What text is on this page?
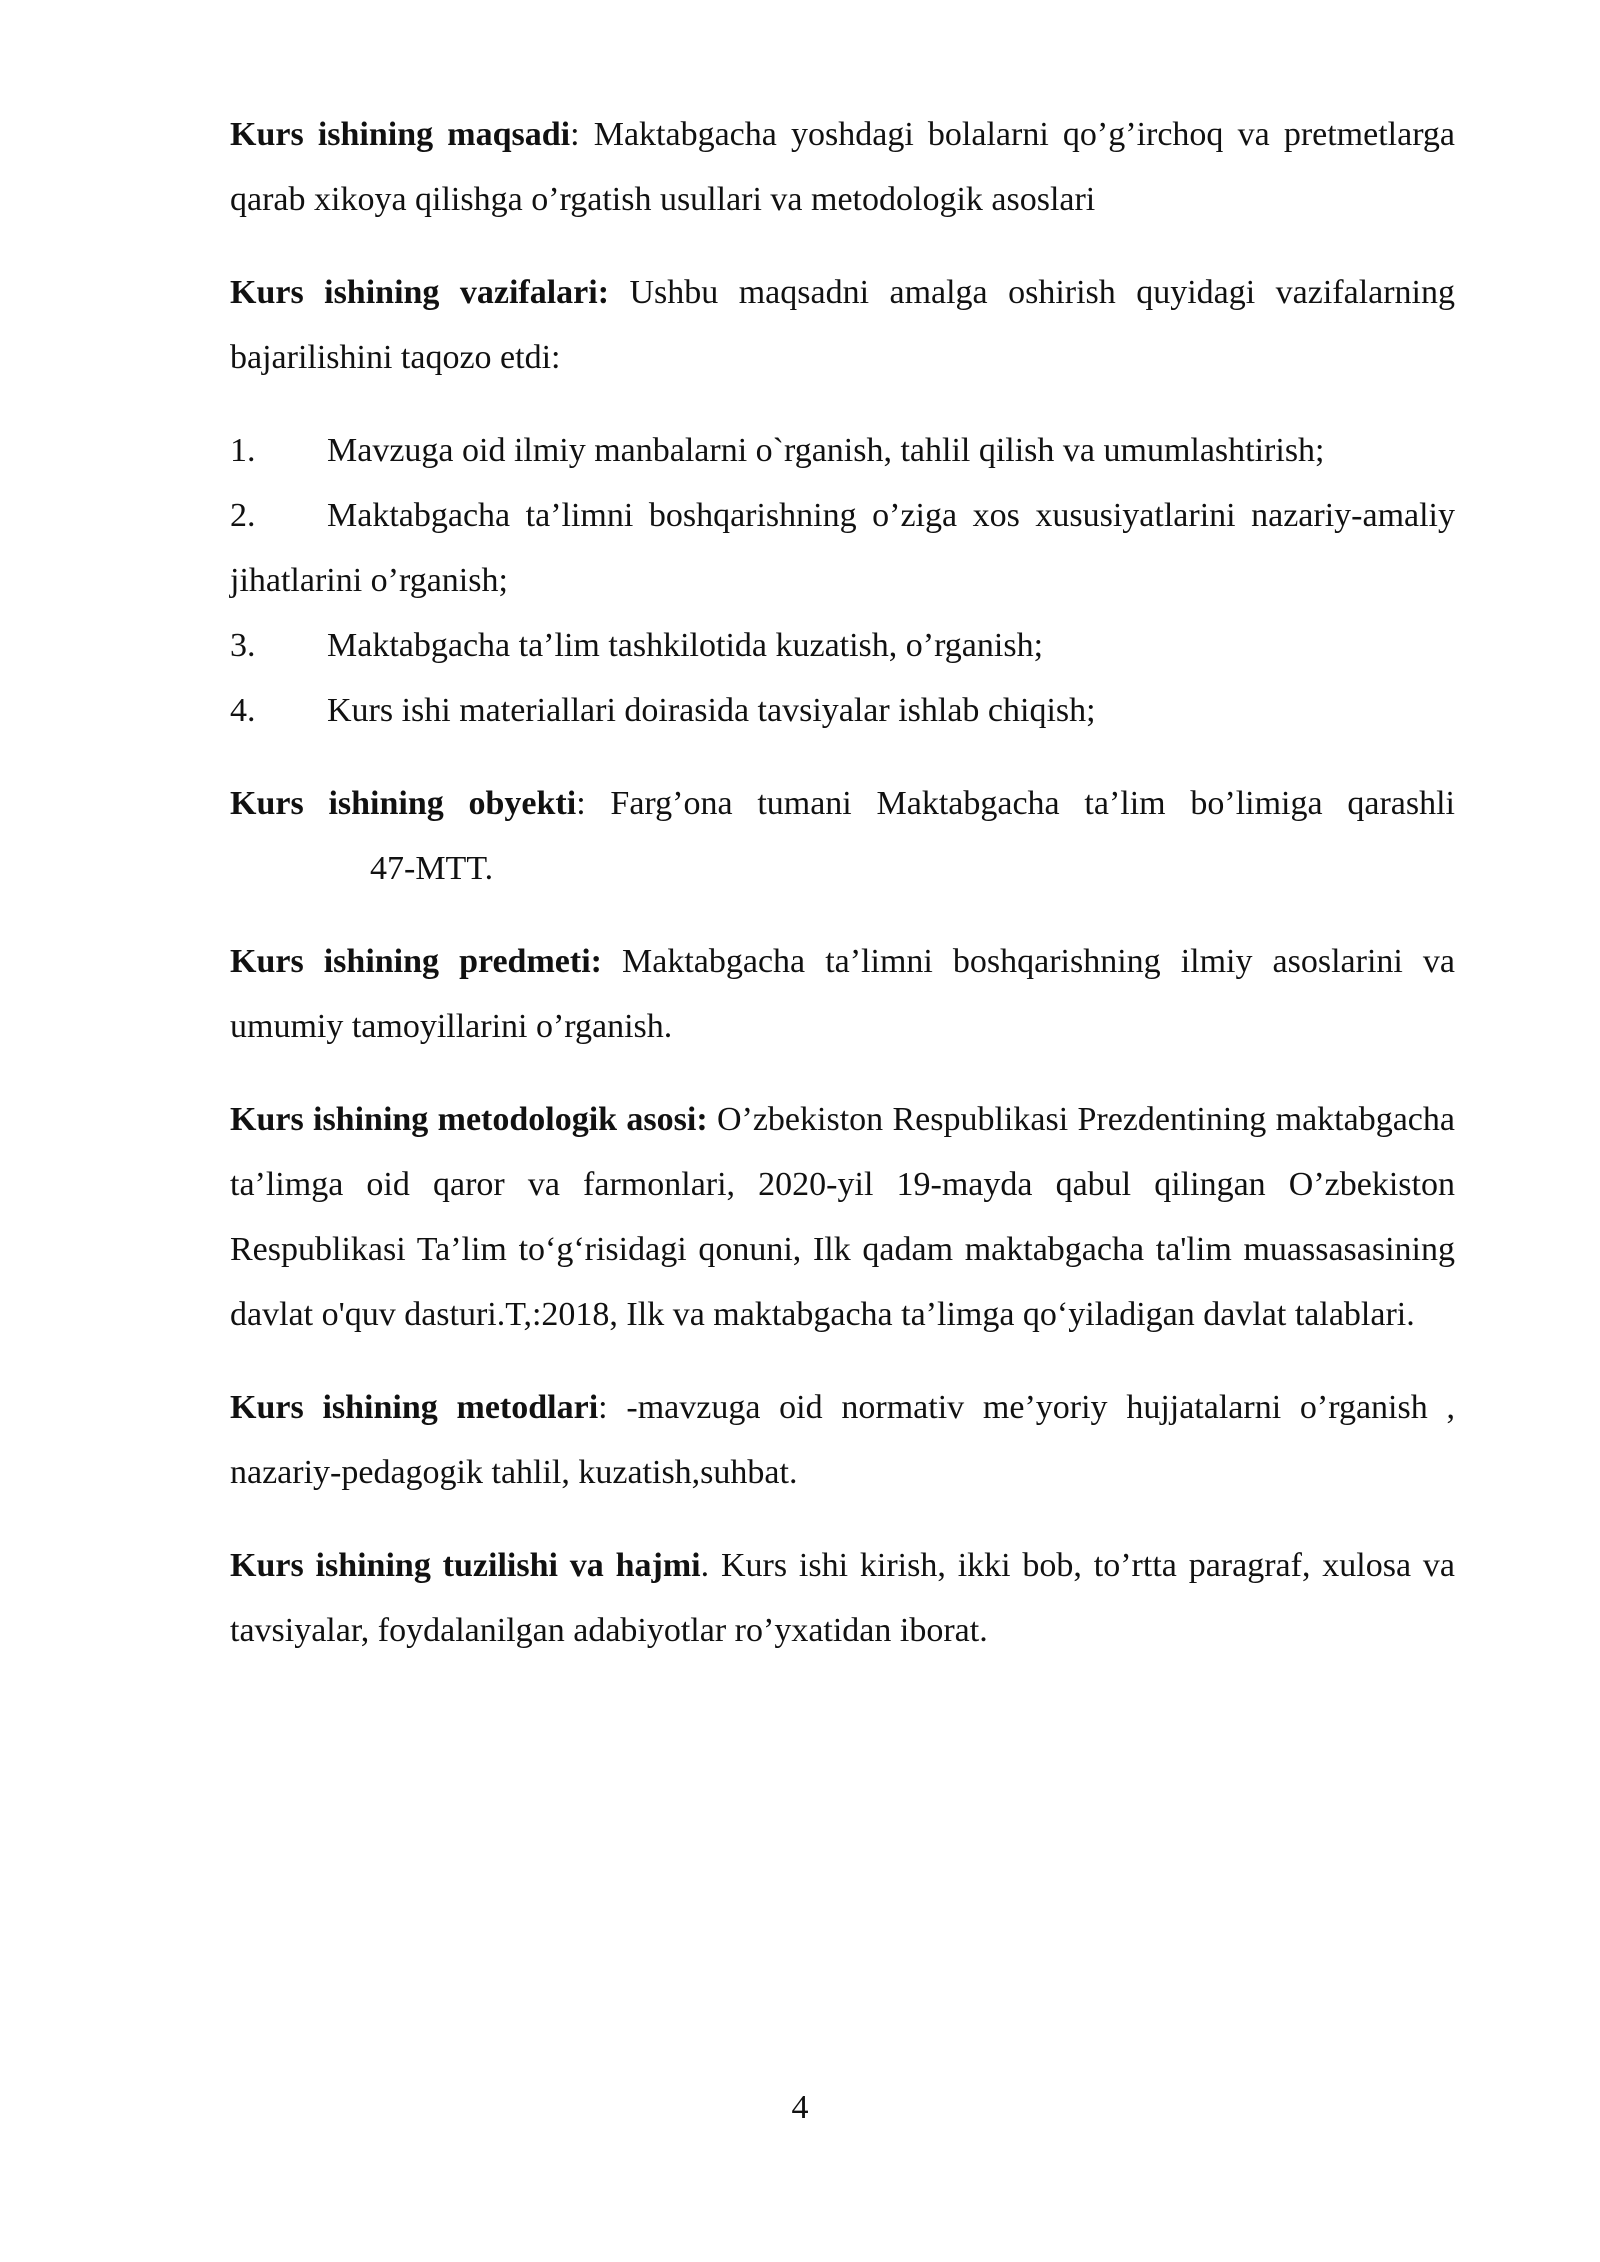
Kurs ishining maqsadi: Maktabgacha yoshdagi bolalarni qo’g’irchoq va pretmetlarga qarab xikoya qilishga o’rgatish usullari va metodologik asoslari

Kurs ishining vazifalari: Ushbu maqsadni amalga oshirish quyidagi vazifalarning bajarilishini taqozo etdi:

1. Mavzuga oid ilmiy manbalarni o`rganish, tahlil qilish va umumlashtirish;
2. Maktabgacha ta’limni boshqarishning o’ziga xos xususiyatlarini nazariy-amaliy jihatlarini o’rganish;
3. Maktabgacha ta’lim tashkilotida kuzatish, o’rganish;
4. Kurs ishi materiallari doirasida tavsiyalar ishlab chiqish;

Kurs ishining obyekti: Farg’ona tumani Maktabgacha ta’lim bo’limiga qarashli47-MTT.

Kurs ishining predmeti: Maktabgacha ta’limni boshqarishning ilmiy asoslarini va umumiy tamoyillarini o’rganish.

Kurs ishining metodologik asosi: O’zbekiston Respublikasi Prezdentining maktabgacha ta’limga oid qaror va farmonlari, 2020-yil 19-mayda qabul qilingan O’zbekiston Respublikasi Ta’lim to‘g‘risidagi qonuni, Ilk qadam maktabgacha ta'lim muassasasining davlat o'quv dasturi.T,:2018, Ilk va maktabgacha ta’limga qo‘yiladigan davlat talablari.

Kurs ishining metodlari: -mavzuga oid normativ me’yoriy hujjatalarni o’rganish , nazariy-pedagogik tahlil, kuzatish,suhbat.

Kurs ishining tuzilishi va hajmi. Kurs ishi kirish, ikki bob, to’rtta paragraf, xulosa va tavsiyalar, foydalanilgan adabiyotlar ro’yxatidan iborat.

4
